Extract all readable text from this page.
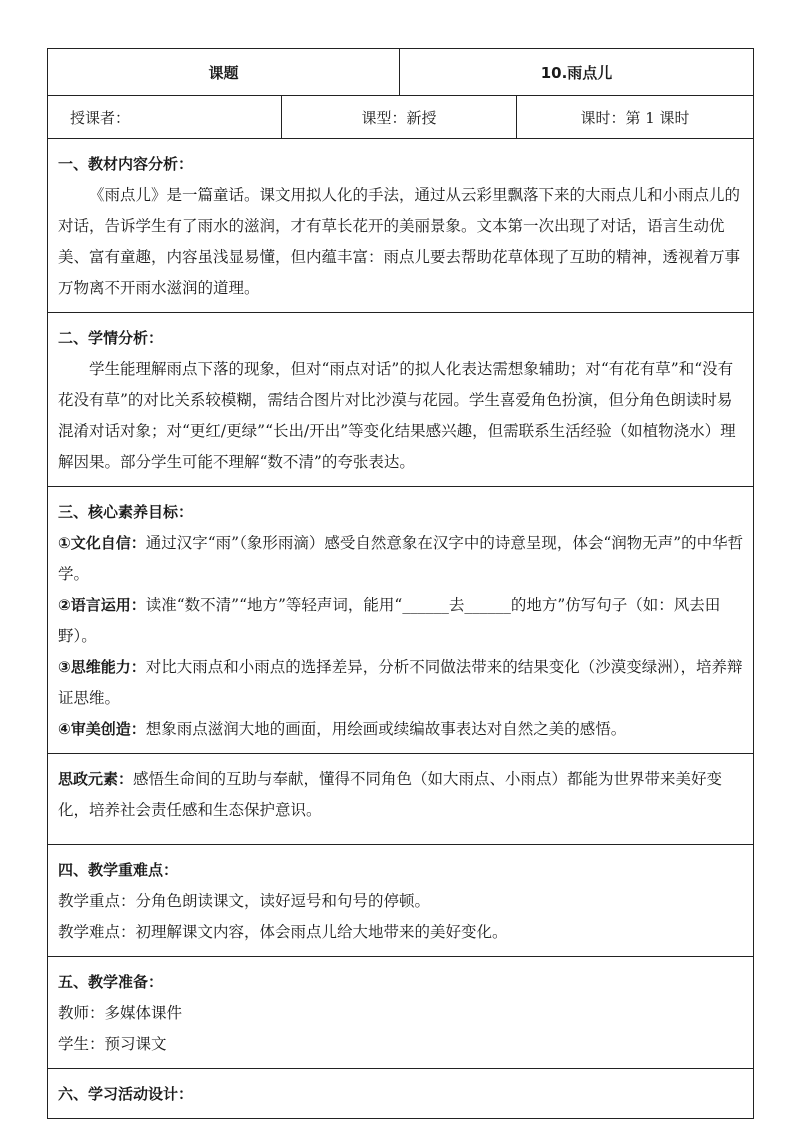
课题		10.雨点儿	
授课者：	课型：新授		课时：第 1 课时

一、教材内容分析：

《雨点儿》是一篇童话。课文用拟人化的手法，通过从云彩里飘落下来的大雨点儿和小雨点儿的对话，告诉学生有了雨水的滋润，才有草长花开的美丽景象。文本第一次出现了对话，语言生动优美、富有童趣，内容虽浅显易懂，但内蕴丰富：雨点儿要去帮助花草体现了互助的精神，透视着万事万物离不开雨水滋润的道理。			

二、学情分析：

学生能理解雨点下落的现象，但对“雨点对话”的拟人化表达需想象辅助；对“有花有草”和“没有花没有草”的对比关系较模糊，需结合图片对比沙漠与花园。学生喜爱角色扮演，但分角色朗读时易混淆对话对象；对“更红/更绿”“长出/开出”等变化结果感兴趣，但需联系生活经验（如植物浇水）理解因果。部分学生可能不理解“数不清”的夸张表达。			

三、核心素养目标：

①文化自信：通过汉字“雨”（象形雨滴）感受自然意象在汉字中的诗意呈现，体会“润物无声”的中华哲学。

②语言运用：读准“数不清”“地方”等轻声词，能用“______去______的地方”仿写句子（如：风去田野）。

③思维能力：对比大雨点和小雨点的选择差异，分析不同做法带来的结果变化（沙漠变绿洲），培养辩证思维。

④审美创造：想象雨点滋润大地的画面，用绘画或续编故事表达对自然之美的感悟。			

思政元素：感悟生命间的互助与奉献，懂得不同角色（如大雨点、小雨点）都能为世界带来美好变化，培养社会责任感和生态保护意识。			

四、教学重难点：

教学重点：分角色朗读课文，读好逗号和句号的停顿。

教学难点：初理解课文内容，体会雨点儿给大地带来的美好变化。			

五、教学准备：

教师：多媒体课件

学生：预习课文			

六、学习活动设计：			
